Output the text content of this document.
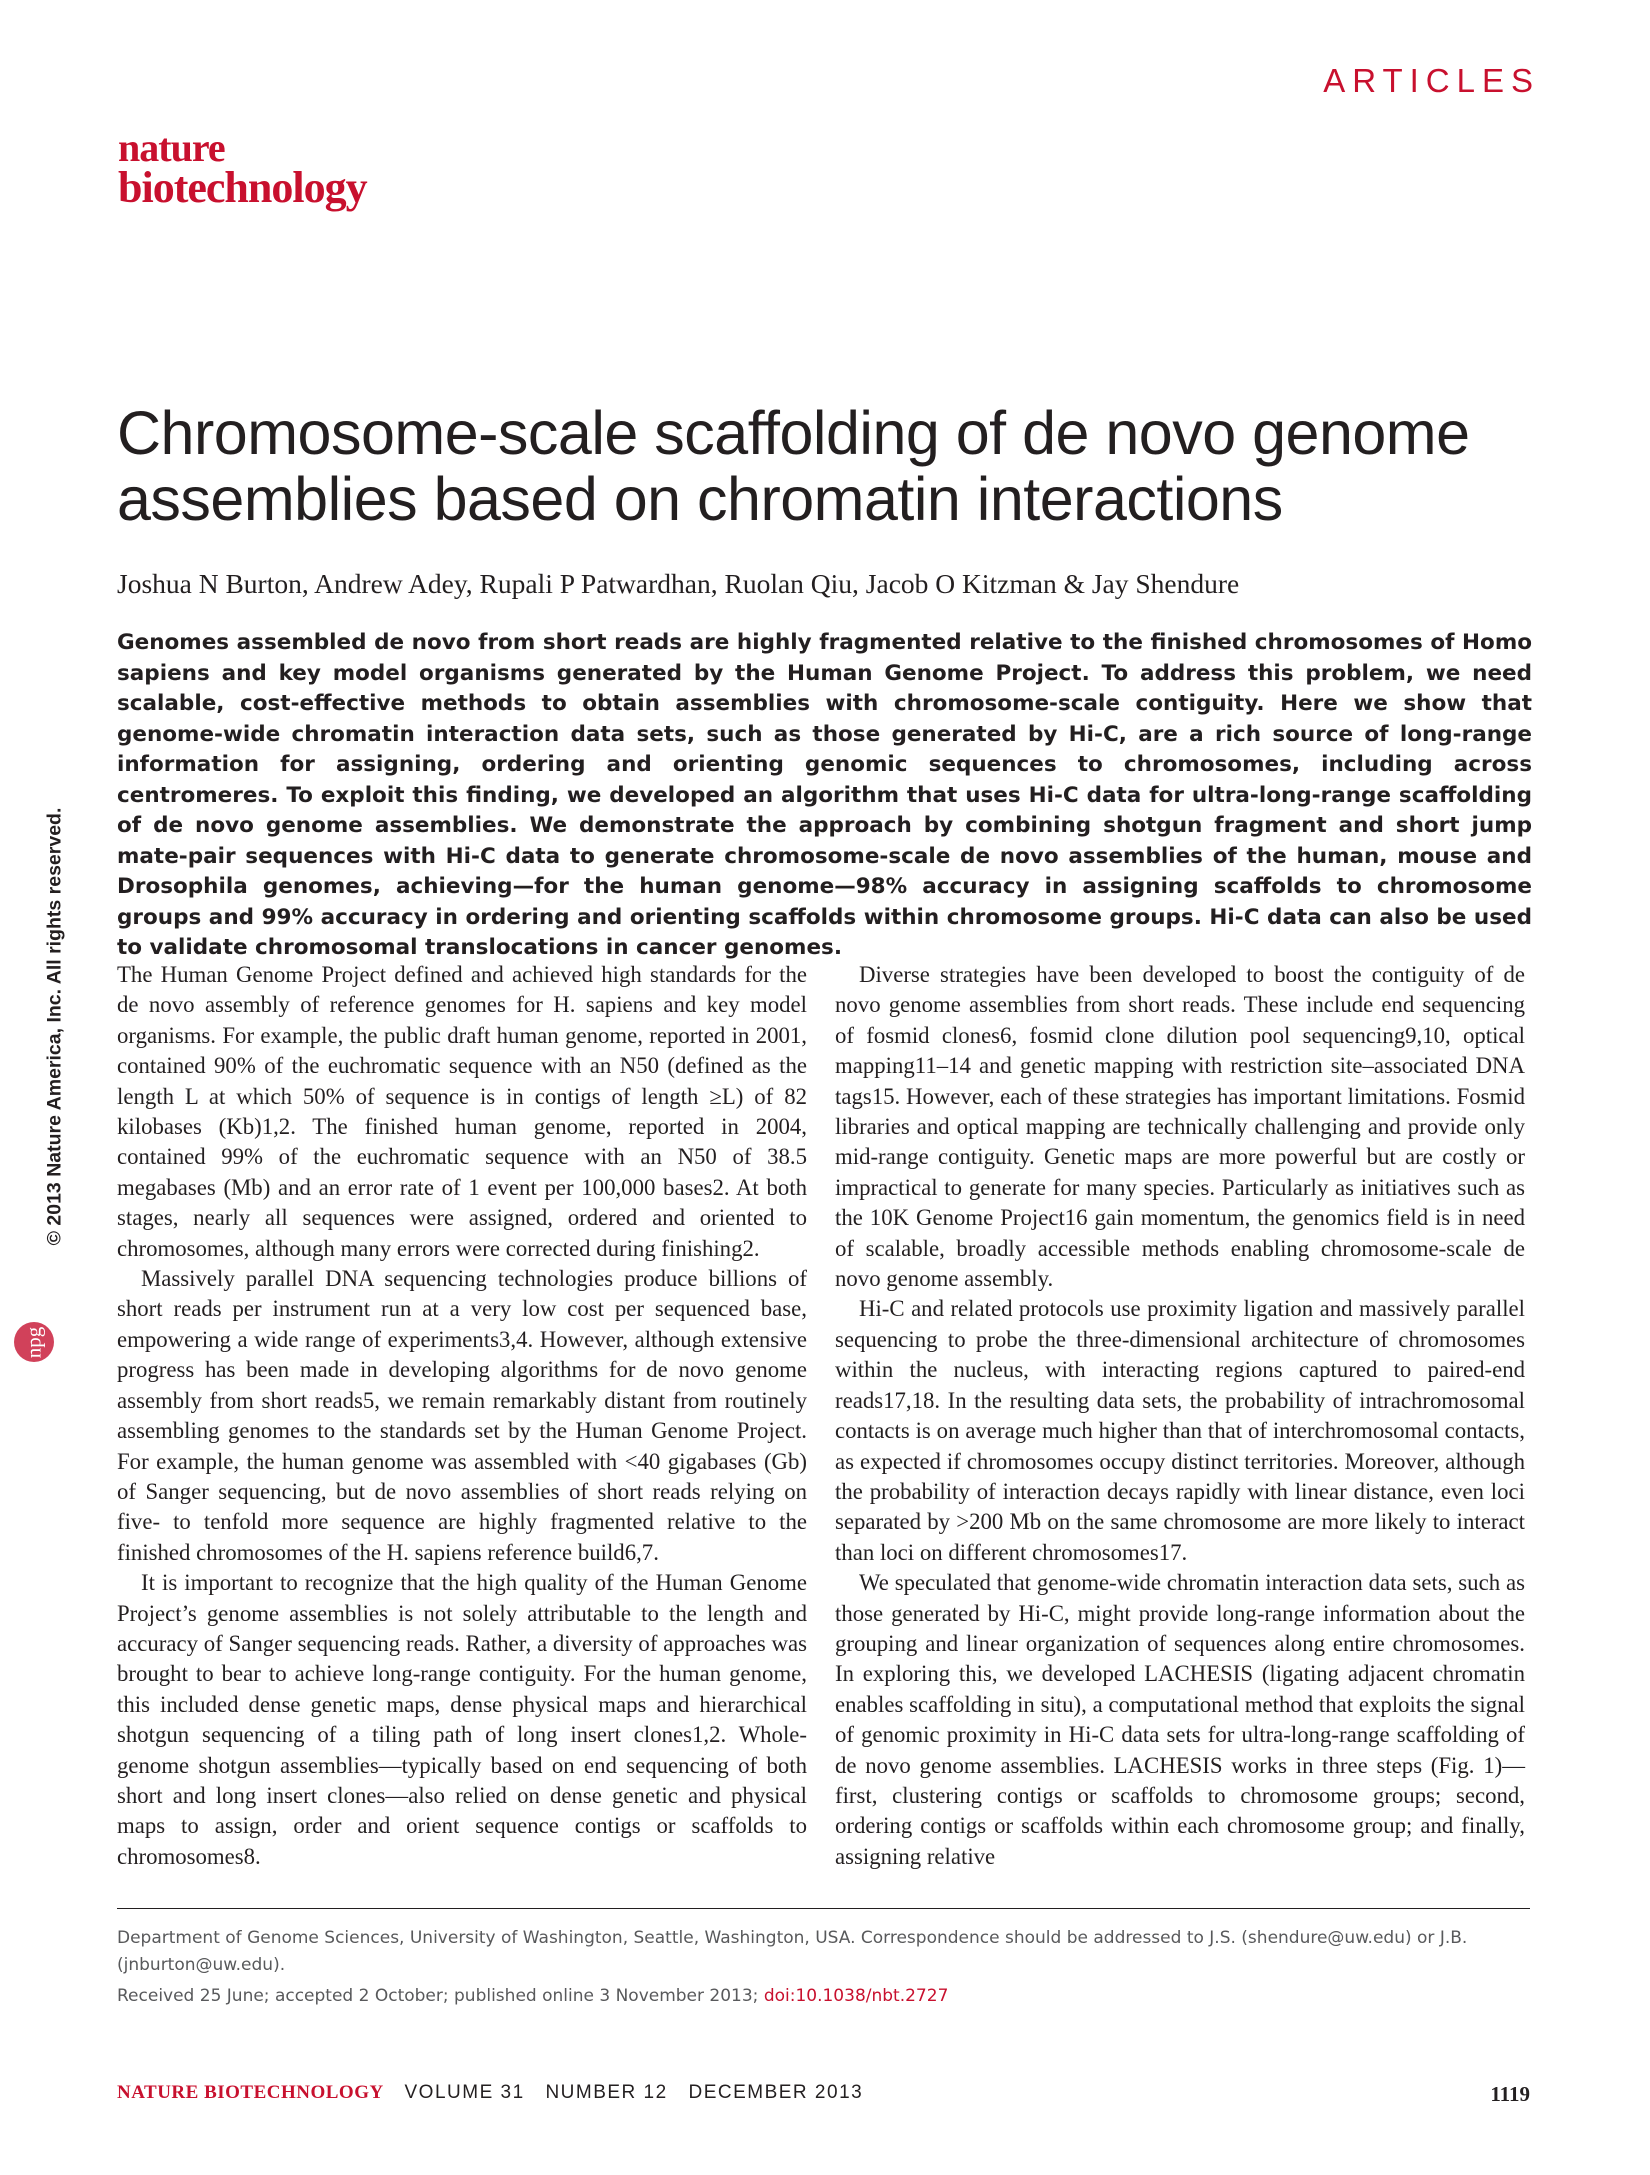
ARTICLES
nature
biotechnology
© 2013 Nature America, Inc. All rights reserved.
npg
Chromosome-scale scaffolding of de novo genome
assemblies based on chromatin interactions
Joshua N Burton, Andrew Adey, Rupali P Patwardhan, Ruolan Qiu, Jacob O Kitzman & Jay Shendure
Genomes assembled de novo from short reads are highly fragmented relative to the finished chromosomes of Homo sapiens and key model organisms generated by the Human Genome Project. To address this problem, we need scalable, cost-effective methods to obtain assemblies with chromosome-scale contiguity. Here we show that genome-wide chromatin interaction data sets, such as those generated by Hi-C, are a rich source of long-range information for assigning, ordering and orienting genomic sequences to chromosomes, including across centromeres. To exploit this finding, we developed an algorithm that uses Hi-C data for ultra-long-range scaffolding of de novo genome assemblies. We demonstrate the approach by combining shotgun fragment and short jump mate-pair sequences with Hi-C data to generate chromosome-scale de novo assemblies of the human, mouse and Drosophila genomes, achieving—for the human genome—98% accuracy in assigning scaffolds to chromosome groups and 99% accuracy in ordering and orienting scaffolds within chromosome groups. Hi-C data can also be used to validate chromosomal translocations in cancer genomes.

The Human Genome Project defined and achieved high standards for the de novo assembly of reference genomes for H. sapiens and key model organisms. For example, the public draft human genome, reported in 2001, contained 90% of the euchromatic sequence with an N50 (defined as the length L at which 50% of sequence is in contigs of length ≥L) of 82 kilobases (Kb)1,2. The finished human genome, reported in 2004, contained 99% of the euchromatic sequence with an N50 of 38.5 megabases (Mb) and an error rate of 1 event per 100,000 bases2. At both stages, nearly all sequences were assigned, ordered and oriented to chromosomes, although many errors were corrected during finishing2.

Massively parallel DNA sequencing technologies produce billions of short reads per instrument run at a very low cost per sequenced base, empowering a wide range of experiments3,4. However, although extensive progress has been made in developing algorithms for de novo genome assembly from short reads5, we remain remarkably distant from routinely assembling genomes to the standards set by the Human Genome Project. For example, the human genome was assembled with <40 gigabases (Gb) of Sanger sequencing, but de novo assemblies of short reads relying on five- to tenfold more sequence are highly fragmented relative to the finished chromosomes of the H. sapiens reference build6,7.

It is important to recognize that the high quality of the Human Genome Project’s genome assemblies is not solely attributable to the length and accuracy of Sanger sequencing reads. Rather, a diversity of approaches was brought to bear to achieve long-range contiguity. For the human genome, this included dense genetic maps, dense physical maps and hierarchical shotgun sequencing of a tiling path of long insert clones1,2. Whole-genome shotgun assemblies—typically based on end sequencing of both short and long insert clones—also relied on dense genetic and physical maps to assign, order and orient sequence contigs or scaffolds to chromosomes8.

Diverse strategies have been developed to boost the contiguity of de novo genome assemblies from short reads. These include end sequencing of fosmid clones6, fosmid clone dilution pool sequencing9,10, optical mapping11–14 and genetic mapping with restriction site–associated DNA tags15. However, each of these strategies has important limitations. Fosmid libraries and optical mapping are technically challenging and provide only mid-range contiguity. Genetic maps are more powerful but are costly or impractical to generate for many species. Particularly as initiatives such as the 10K Genome Project16 gain momentum, the genomics field is in need of scalable, broadly accessible methods enabling chromosome-scale de novo genome assembly.

Hi-C and related protocols use proximity ligation and massively parallel sequencing to probe the three-dimensional architecture of chromosomes within the nucleus, with interacting regions captured to paired-end reads17,18. In the resulting data sets, the probability of intrachromosomal contacts is on average much higher than that of interchromosomal contacts, as expected if chromosomes occupy distinct territories. Moreover, although the probability of interaction decays rapidly with linear distance, even loci separated by >200 Mb on the same chromosome are more likely to interact than loci on different chromosomes17.

We speculated that genome-wide chromatin interaction data sets, such as those generated by Hi-C, might provide long-range information about the grouping and linear organization of sequences along entire chromosomes. In exploring this, we developed LACHESIS (ligating adjacent chromatin enables scaffolding in situ), a computational method that exploits the signal of genomic proximity in Hi-C data sets for ultra-long-range scaffolding of de novo genome assemblies. LACHESIS works in three steps (Fig. 1)—first, clustering contigs or scaffolds to chromosome groups; second, ordering contigs or scaffolds within each chromosome group; and finally, assigning relative

Department of Genome Sciences, University of Washington, Seattle, Washington, USA. Correspondence should be addressed to J.S. (shendure@uw.edu) or J.B. (jnburton@uw.edu).
Received 25 June; accepted 2 October; published online 3 November 2013; doi:10.1038/nbt.2727
NATURE BIOTECHNOLOGY VOLUME 31 NUMBER 12 DECEMBER 2013	1119
